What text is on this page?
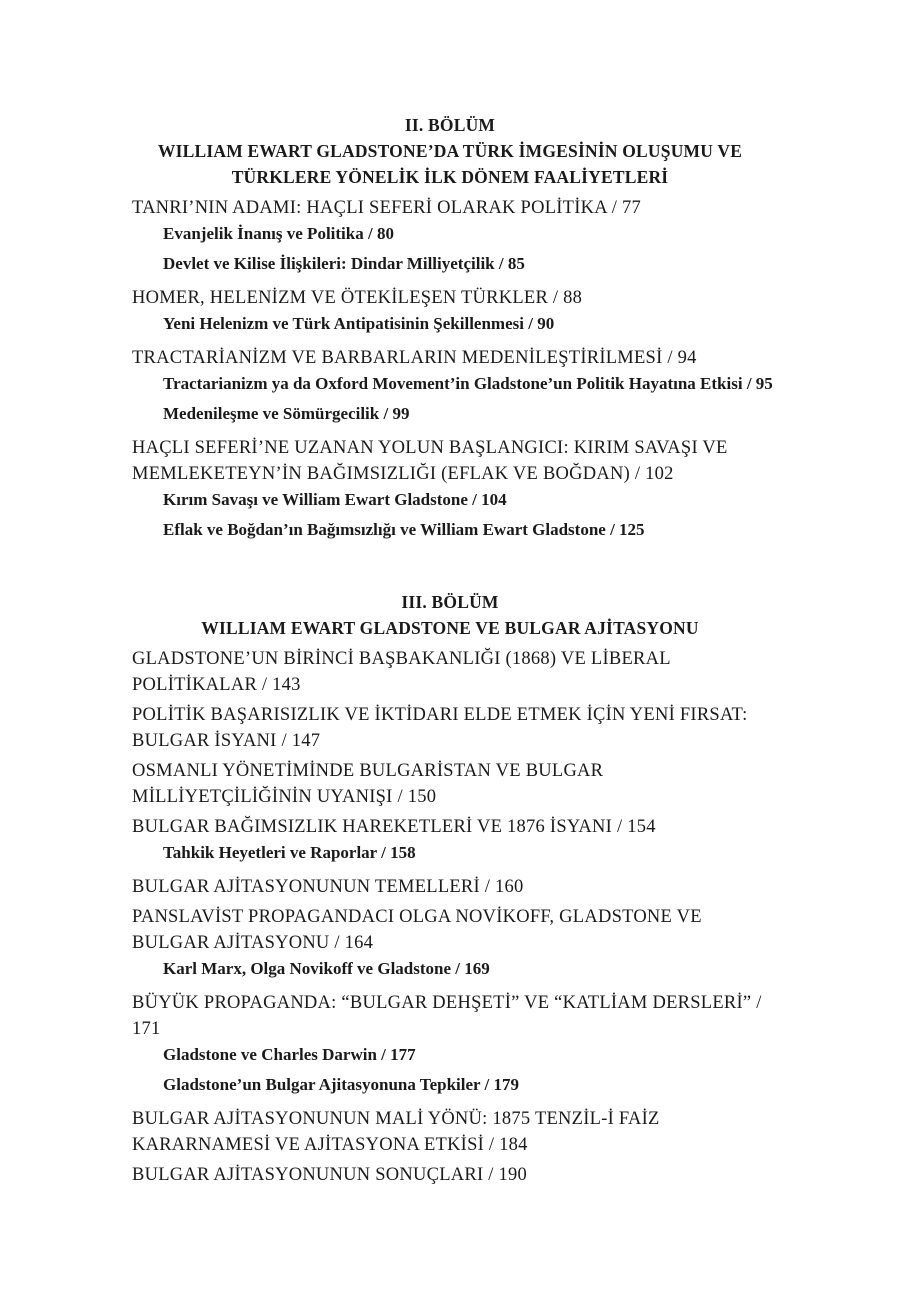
II. BÖLÜM
WILLIAM EWART GLADSTONE’DA TÜRK İMGESİNİN OLUŞUMU VE
TÜRKLERE YÖNELİK İLK DÖNEM FAALİYETLERİ
TANRI’NIN ADAMI: HAÇLI SEFERİ OLARAK POLİTİKA / 77
Evanjelik İnanış ve Politika / 80
Devlet ve Kilise İlişkileri: Dindar Milliyetçilik / 85
HOMER, HELENİZM VE ÖTEKİLEŞEN TÜRKLER / 88
Yeni Helenizm ve Türk Antipatisinin Şekillenmesi / 90
TRACTARİANİZM VE BARBARLARIN MEDENİLEŞTİRİLMESİ / 94
Tractarianizm ya da Oxford Movement’in Gladstone’un Politik Hayatına Etkisi / 95
Medenileşme ve Sömürgecilik / 99
HAÇLI SEFERİ’NE UZANAN YOLUN BAŞLANGICI: KIRIM SAVAŞI VE MEMLEKETEYN’İN BAĞIMSIZLIĞI (EFLAK VE BOĞDAN) / 102
Kırım Savaşı ve William Ewart Gladstone / 104
Eflak ve Boğdan’ın Bağımsızlığı ve William Ewart Gladstone / 125
III. BÖLÜM
WILLIAM EWART GLADSTONE VE BULGAR AJİTASYONU
GLADSTONE’UN BİRİNCİ BAŞBAKANLIĞI (1868) VE LİBERAL POLİTİKALAR / 143
POLİTİK BAŞARISIZLIK VE İKTİDARI ELDE ETMEK İÇİN YENİ FIRSAT: BULGAR İSYANI / 147
OSMANLI YÖNETİMİNDE BULGARİSTAN VE BULGAR MİLLİYETÇİLİĞİNİN UYANIŞI / 150
BULGAR BAĞIMSIZLIK HAREKETLERİ VE 1876 İSYANI / 154
Tahkik Heyetleri ve Raporlar / 158
BULGAR AJİTASYONUNUN TEMELLERİ / 160
PANSLAVİST PROPAGANDACI OLGA NOVİKOFF, GLADSTONE VE BULGAR AJİTASYONU / 164
Karl Marx, Olga Novikoff ve Gladstone / 169
BÜYÜK PROPAGANDA: “BULGAR DEHŞETİ” VE “KATLİAM DERSLERİ” / 171
Gladstone ve Charles Darwin / 177
Gladstone’un Bulgar Ajitasyonuna Tepkiler / 179
BULGAR AJİTASYONUNUN MALİ YÖNÜ: 1875 TENZİL-İ FAİZ KARARNAMESİ VE AJİTASYONA ETKİSİ / 184
BULGAR AJİTASYONUNUN SONUÇLARI / 190
